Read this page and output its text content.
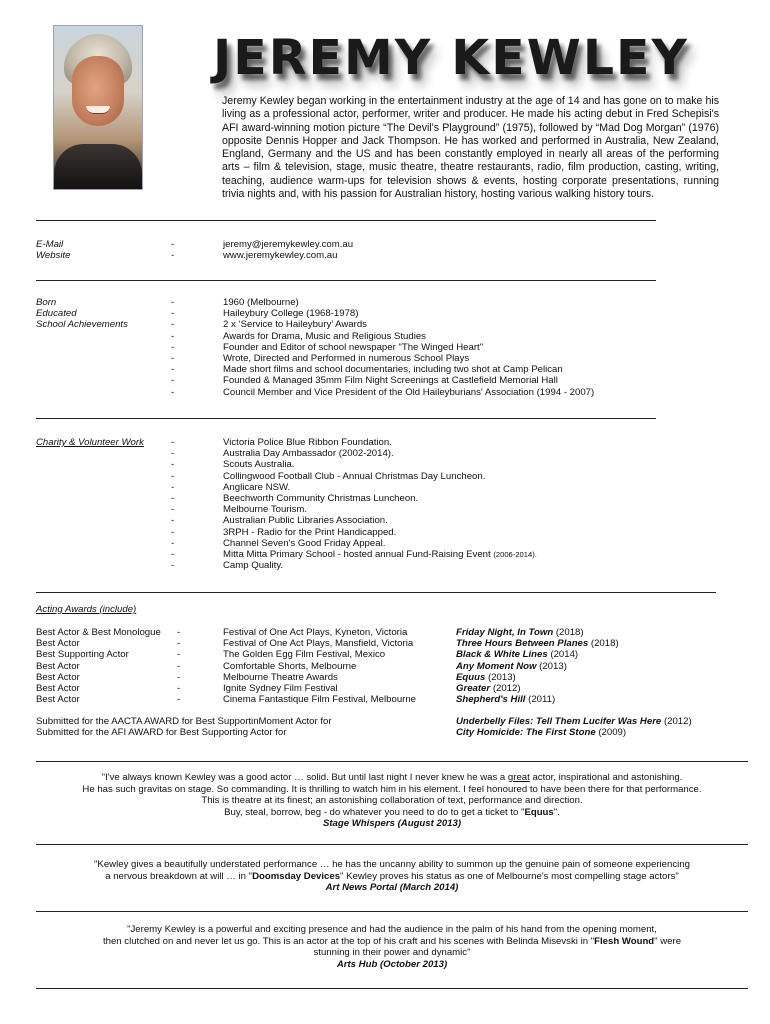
JEREMY KEWLEY
Jeremy Kewley began working in the entertainment industry at the age of 14 and has gone on to make his living as a professional actor, performer, writer and producer. He made his acting debut in Fred Schepisi's AFI award-winning motion picture “The Devil's Playground” (1975), followed by “Mad Dog Morgan” (1976) opposite Dennis Hopper and Jack Thompson. He has worked and performed in Australia, New Zealand, England, Germany and the US and has been constantly employed in nearly all areas of the performing arts – film & television, stage, music theatre, theatre restaurants, radio, film production, casting, writing, teaching, audience warm-ups for television shows & events, hosting corporate presentations, running trivia nights and, with his passion for Australian history, hosting various walking history tours.
E-Mail
Website
-
-
jeremy@jeremykewley.com.au
www.jeremykewley.com.au
Born
Educated
School Achievements
-
-
-
-
-
-
-
-
-
1960 (Melbourne)
Haileybury College (1968-1978)
2 x ‘Service to Haileybury’ Awards
Awards for Drama, Music and Religious Studies
Founder and Editor of school newspaper "The Winged Heart"
Wrote, Directed and Performed in numerous School Plays
Made short films and school documentaries, including two shot at Camp Pelican
Founded & Managed 35mm Film Night Screenings at Castlefield Memorial Hall
Council Member and Vice President of the Old Haileyburians' Association (1994 - 2007)
Charity & Volunteer Work	-
-
-
-
-
-
-
-
-
-
-
-
Victoria Police Blue Ribbon Foundation.
Australia Day Ambassador (2002-2014).
Scouts Australia.
Collingwood Football Club - Annual Christmas Day Luncheon.
Anglicare NSW.
Beechworth Community Christmas Luncheon.
Melbourne Tourism.
Australian Public Libraries Association.
3RPH - Radio for the Print Handicapped.
Channel Seven's Good Friday Appeal.
Mitta Mitta Primary School - hosted annual Fund-Raising Event (2006-2014).
Camp Quality.
Acting Awards (include)
Best Actor & Best Monologue
Best Actor
Best Supporting Actor
Best Actor
Best Actor
Best Actor
Best Actor
-
-
-
-
-
-
-
Festival of One Act Plays, Kyneton, Victoria
Festival of One Act Plays, Mansfield, Victoria
The Golden Egg Film Festival, Mexico
Comfortable Shorts, Melbourne
Melbourne Theatre Awards
Ignite Sydney Film Festival
Cinema Fantastique Film Festival, Melbourne
Friday Night, In Town (2018)
Three Hours Between Planes (2018)
Black & White Lines (2014)
Any Moment Now (2013)
Equus (2013)
Greater (2012)
Shepherd's Hill (2011)
Submitted for the AACTA AWARD for Best SupportinMoment Actor for
Submitted for the AFI AWARD for Best Supporting Actor for
Underbelly Files: Tell Them Lucifer Was Here (2012)
City Homicide: The First Stone (2009)
"I've always known Kewley was a good actor … solid. But until last night I never knew he was a great actor, inspirational and astonishing.
He has such gravitas on stage. So commanding. It is thrilling to watch him in his element. I feel honoured to have been there for that performance.
This is theatre at its finest; an astonishing collaboration of text, performance and direction.
Buy, steal, borrow, beg - do whatever you need to do to get a ticket to "Equus".
Stage Whispers (August 2013)
"Kewley gives a beautifully understated performance … he has the uncanny ability to summon up the genuine pain of someone experiencing
a nervous breakdown at will … in "Doomsday Devices" Kewley proves his status as one of Melbourne's most compelling stage actors"
Art News Portal (March 2014)
"Jeremy Kewley is a powerful and exciting presence and had the audience in the palm of his hand from the opening moment,
then clutched on and never let us go. This is an actor at the top of his craft and his scenes with Belinda Misevski in "Flesh Wound" were
stunning in their power and dynamic"
Arts Hub (October 2013)
